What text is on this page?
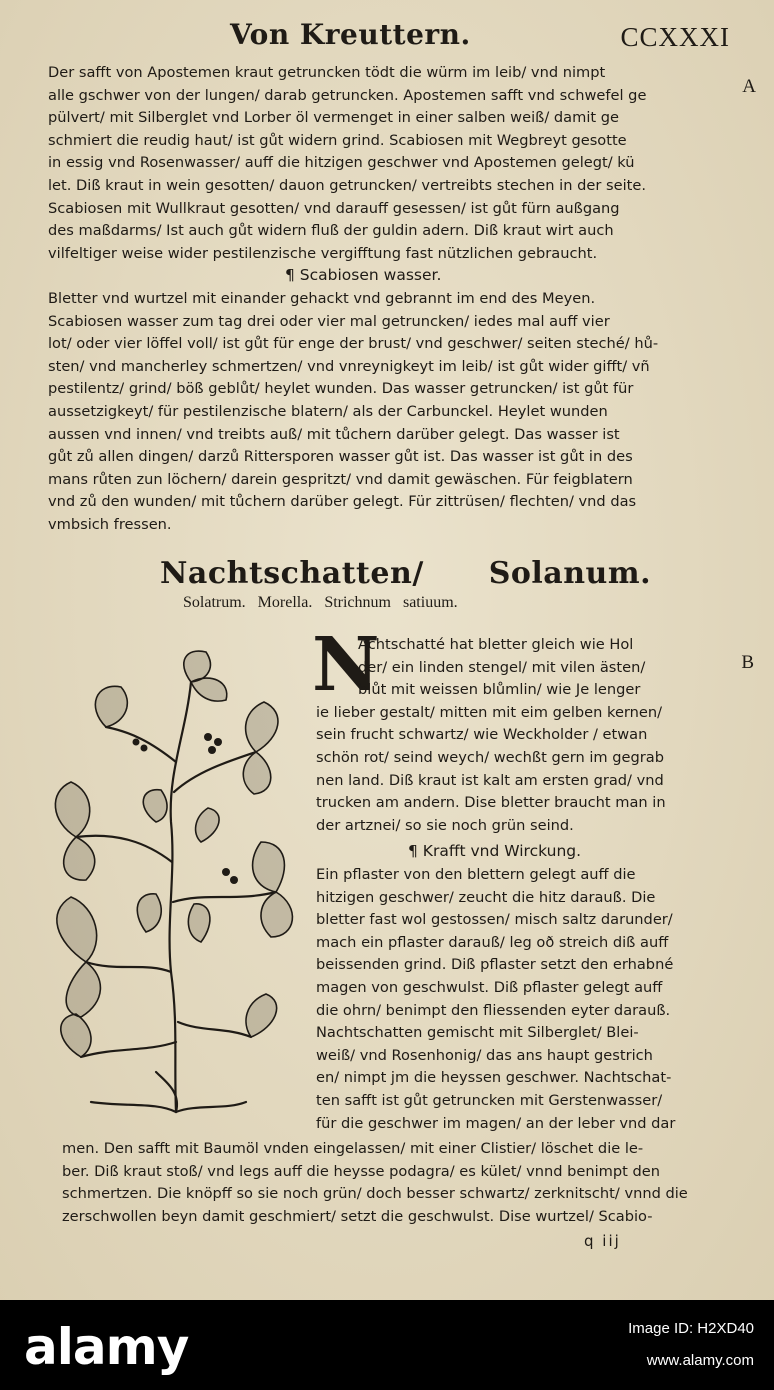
Von Kreuttern.	CCXXXI
A
B
Der safft von Apostemen kraut getruncken tödt die würm im leib/ vnd nimpt
alle gschwer von der lungen/ darab getruncken. Apostemen safft vnd schwefel ge
pülvert/ mit Silberglet vnd Lorber öl vermenget in einer salben weiß/ damit ge
schmiert die reudig haut/ ist gůt widern grind. Scabiosen mit Wegbreyt gesotte
in essig vnd Rosenwasser/ auff die hitzigen geschwer vnd Apostemen gelegt/ kü
let. Diß kraut in wein gesotten/ dauon getruncken/ vertreibts stechen in der seite.
Scabiosen mit Wullkraut gesotten/ vnd darauff gesessen/ ist gůt fürn außgang
des maßdarms/ Ist auch gůt widern fluß der guldin adern. Diß kraut wirt auch
vilfeltiger weise wider pestilenzische vergifftung fast nützlichen gebraucht.
¶ Scabiosen wasser.
Bletter vnd wurtzel mit einander gehackt vnd gebrannt im end des Meyen.
Scabiosen wasser zum tag drei oder vier mal getruncken/ iedes mal auff vier
lot/ oder vier löffel voll/ ist gůt für enge der brust/ vnd geschwer/ seiten steché/ hů-
sten/ vnd mancherley schmertzen/ vnd vnreynigkeyt im leib/ ist gůt wider gifft/ vñ
pestilentz/ grind/ böß geblůt/ heylet wunden. Das wasser getruncken/ ist gůt für
aussetzigkeyt/ für pestilenzische blatern/ als der Carbunckel. Heylet wunden
aussen vnd innen/ vnd treibts auß/ mit tůchern darüber gelegt. Das wasser ist
gůt zů allen dingen/ darzů Rittersporen wasser gůt ist. Das wasser ist gůt in des
mans růten zun löchern/ darein gespritzt/ vnd damit gewäschen. Für feigblatern
vnd zů den wunden/ mit tůchern darüber gelegt. Für zittrüsen/ flechten/ vnd das
vmbsich fressen.
Nachtschatten/ Solanum.
Solatrum. Morella. Strichnum satiuum.
N
Achtschatté hat bletter gleich wie Hol
der/ ein linden stengel/ mit vilen ästen/
blůt mit weissen blůmlin/ wie Je lenger
ie lieber gestalt/ mitten mit eim gelben kernen/
sein frucht schwartz/ wie Weckholder / etwan
schön rot/ seind weych/ wechßt gern im gegrab
nen land. Diß kraut ist kalt am ersten grad/ vnd
trucken am andern. Dise bletter braucht man in
der artznei/ so sie noch grün seind.
¶ Krafft vnd Wirckung.
Ein pflaster von den blettern gelegt auff die
hitzigen geschwer/ zeucht die hitz darauß. Die
bletter fast wol gestossen/ misch saltz darunder/
mach ein pflaster darauß/ leg oð streich diß auff
beissenden grind. Diß pflaster setzt den erhabné
magen von geschwulst. Diß pflaster gelegt auff
die ohrn/ benimpt den fliessenden eyter darauß.
Nachtschatten gemischt mit Silberglet/ Blei-
weiß/ vnd Rosenhonig/ das ans haupt gestrich
en/ nimpt jm die heyssen geschwer. Nachtschat-
ten safft ist gůt getruncken mit Gerstenwasser/
für die geschwer im magen/ an der leber vnd dar
men. Den safft mit Baumöl vnden eingelassen/ mit einer Clistier/ löschet die le-
ber. Diß kraut stoß/ vnd legs auff die heysse podagra/ es kület/ vnnd benimpt den
schmertzen. Die knöpff so sie noch grün/ doch besser schwartz/ zerknitscht/ vnnd die
zerschwollen beyn damit geschmiert/ setzt die geschwulst. Dise wurtzel/ Scabio-
q iij
alamy	Image ID: H2XD40
www.alamy.com
